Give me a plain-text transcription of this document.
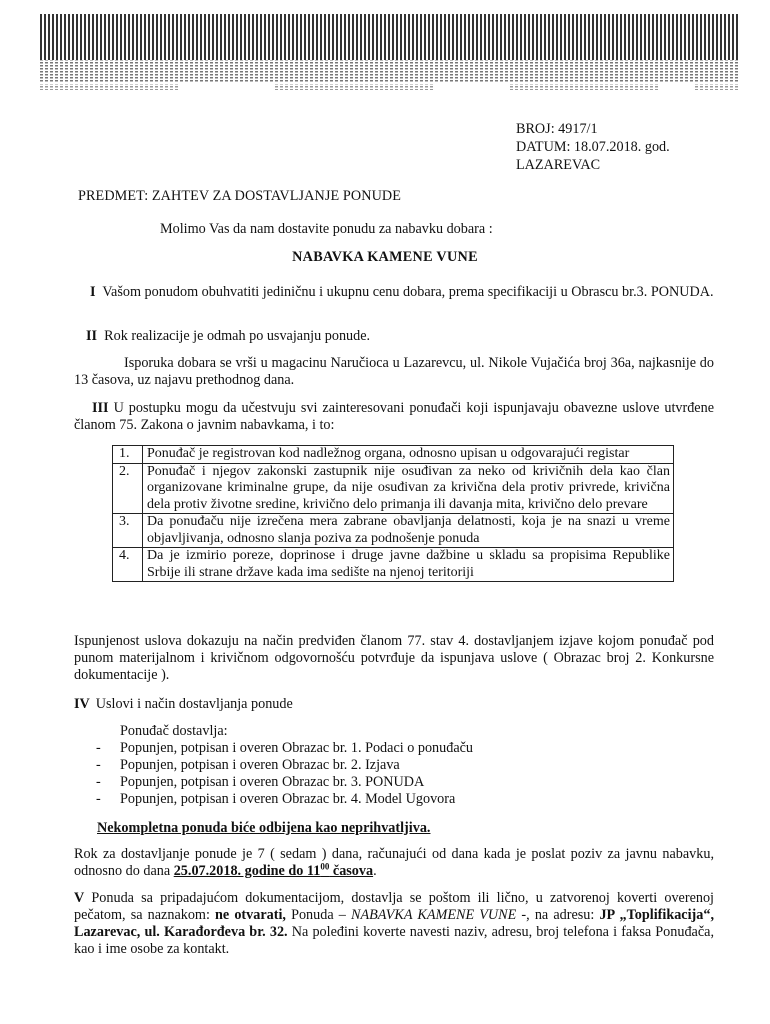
BROJ: 4917/1
DATUM: 18.07.2018. god.
LAZAREVAC
PREDMET: ZAHTEV ZA DOSTAVLJANJE PONUDE
Molimo Vas da nam dostavite ponudu za nabavku dobara :
NABAVKA KAMENE VUNE
I Vašom ponudom obuhvatiti jediničnu i ukupnu cenu dobara, prema specifikaciji u Obrascu br.3. PONUDA.
II Rok realizacije je odmah po usvajanju ponude.
Isporuka dobara se vrši u magacinu Naručioca u Lazarevcu, ul. Nikole Vujačića broj 36a, najkasnije do 13 časova, uz najavu prethodnog dana.
III U postupku mogu da učestvuju svi zainteresovani ponuđači koji ispunjavaju obavezne uslove utvrđene članom 75. Zakona o javnim nabavkama, i to:
1.	Ponuđač je registrovan kod nadležnog organa, odnosno upisan u odgovarajući registar
2.	Ponuđač i njegov zakonski zastupnik nije osuđivan za neko od krivičnih dela kao član organizovane kriminalne grupe, da nije osuđivan za krivična dela protiv privrede, krivična dela protiv životne sredine, krivično delo primanja ili davanja mita, krivično delo prevare
3.	Da ponuđaču nije izrečena mera zabrane obavljanja delatnosti, koja je na snazi u vreme objavljivanja, odnosno slanja poziva za podnošenje ponuda
4.	Da je izmirio poreze, doprinose i druge javne dažbine u skladu sa propisima Republike Srbije ili strane države kada ima sedište na njenoj teritoriji
Ispunjenost uslova dokazuju na način predviđen članom 77. stav 4. dostavljanjem izjave kojom ponuđač pod punom materijalnom i krivičnom odgovornošću potvrđuje da ispunjava uslove ( Obrazac broj 2. Konkursne dokumentacije ).
IV Uslovi i način dostavljanja ponude
Ponuđač dostavlja:
- Popunjen, potpisan i overen Obrazac br. 1. Podaci o ponuđaču
- Popunjen, potpisan i overen Obrazac br. 2. Izjava
- Popunjen, potpisan i overen Obrazac br. 3. PONUDA
- Popunjen, potpisan i overen Obrazac br. 4. Model Ugovora
Nekompletna ponuda biće odbijena kao neprihvatljiva.
Rok za dostavljanje ponude je 7 ( sedam ) dana, računajući od dana kada je poslat poziv za javnu nabavku, odnosno do dana 25.07.2018. godine do $11^{00}$ časova.
V Ponuda sa pripadajućom dokumentacijom, dostavlja se poštom ili lično, u zatvorenoj koverti overenoj pečatom, sa naznakom: ne otvarati, Ponuda – NABAVKA KAMENE VUNE -, na adresu: JP „Toplifikacija“, Lazarevac, ul. Karađorđeva br. 32. Na poleđini koverte navesti naziv, adresu, broj telefona i faksa Ponuđača, kao i ime osobe za kontakt.
